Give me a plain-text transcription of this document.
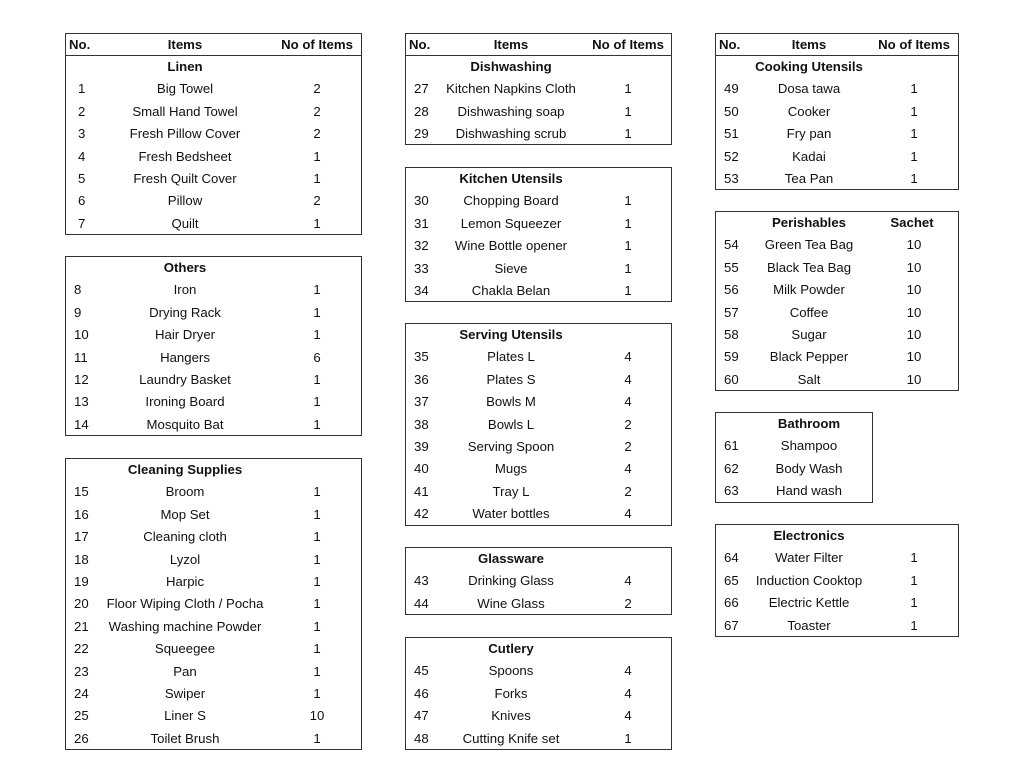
No.	Items	No of Items
Linen
1	Big Towel	2
2	Small Hand Towel	2
3	Fresh Pillow Cover	2
4	Fresh Bedsheet	1
5	Fresh Quilt Cover	1
6	Pillow	2
7	Quilt	1
Others
8	Iron	1
9	Drying Rack	1
10	Hair Dryer	1
11	Hangers	6
12	Laundry Basket	1
13	Ironing Board	1
14	Mosquito Bat	1
Cleaning Supplies
15	Broom	1
16	Mop Set	1
17	Cleaning cloth	1
18	Lyzol	1
19	Harpic	1
20 Floor Wiping Cloth / Pocha	1
21 Washing machine Powder	1
22	Squeegee	1
23	Pan	1
24	Swiper	1
25	Liner S	10
26	Toilet Brush	1
No.	Items	No of Items
Dishwashing
27 Kitchen Napkins Cloth	1
28 Dishwashing soap	1
29 Dishwashing scrub	1
Kitchen Utensils
30	Chopping Board	1
31 Lemon Squeezer	1
32 Wine Bottle opener	1
33	Sieve	1
34	Chakla Belan	1
Serving Utensils
35	Plates L	4
36	Plates S	4
37	Bowls M	4
38	Bowls L	2
39	Serving Spoon	2
40	Mugs	4
41	Tray L	2
42	Water bottles	4
Glassware
43	Drinking Glass	4
44	Wine Glass	2
Cutlery
45	Spoons	4
46	Forks	4
47	Knives	4
48	Cutting Knife set	1
No.	Items	No of Items
Cooking Utensils
49	Dosa tawa	1
50	Cooker	1
51	Fry pan	1
52	Kadai	1
53	Tea Pan	1
Perishables	Sachet
54 Green Tea Bag	10
55 Black Tea Bag	10
56	Milk Powder	10
57	Coffee	10
58	Sugar	10
59 Black Pepper	10
60	Salt	10
Bathroom
61	Shampoo
62	Body Wash
63	Hand wash
Electronics
64	Water Filter	1
65 Induction Cooktop	1
66 Electric Kettle	1
67	Toaster	1
